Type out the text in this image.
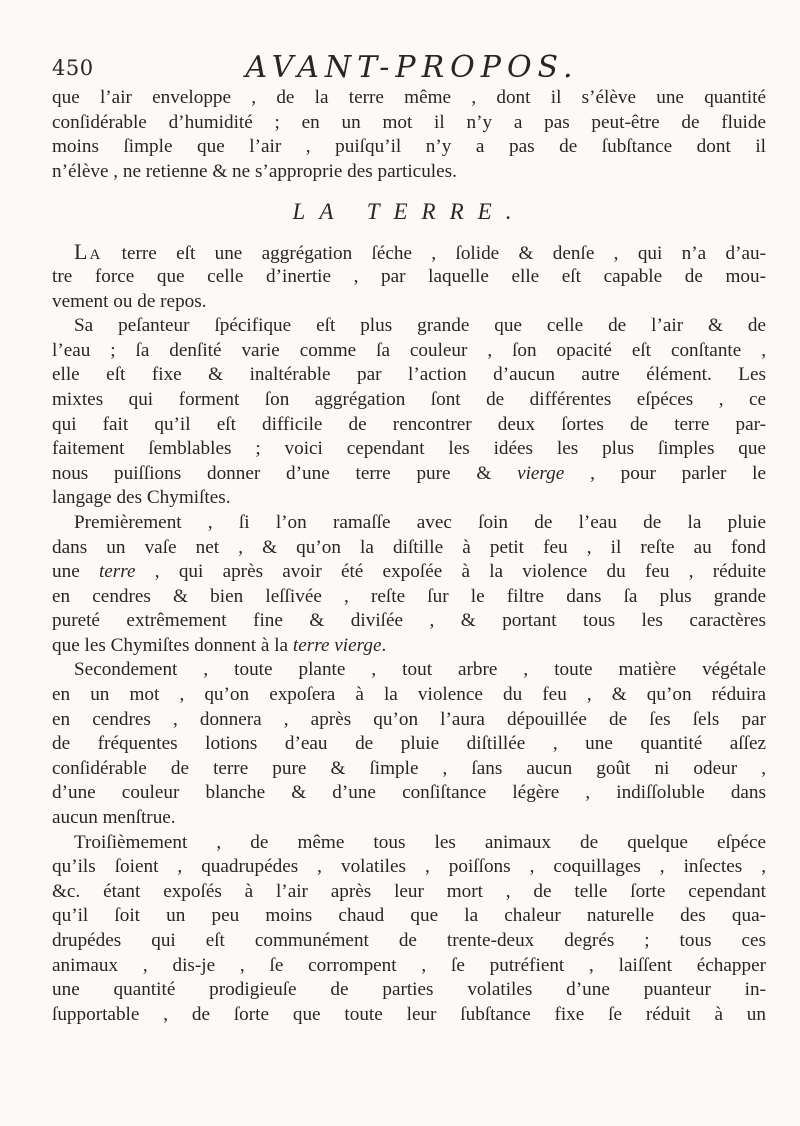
450	AVANT-PROPOS.
que l’air enveloppe , de la terre même , dont il s’élève une quantité
conſidérable d’humidité ; en un mot il n’y a pas peut-être de fluide
moins ſimple que l’air , puiſqu’il n’y a pas de ſubſtance dont il
n’élève , ne retienne & ne s’approprie des particules.
LA TERRE.
La terre eſt une aggrégation ſéche , ſolide & denſe , qui n’a d’au-
tre force que celle d’inertie , par laquelle elle eſt capable de mou-
vement ou de repos.
Sa peſanteur ſpécifique eſt plus grande que celle de l’air & de
l’eau ; ſa denſité varie comme ſa couleur , ſon opacité eſt conſtante ,
elle eſt fixe & inaltérable par l’action d’aucun autre élément. Les
mixtes qui forment ſon aggrégation ſont de différentes eſpéces , ce
qui fait qu’il eſt difficile de rencontrer deux ſortes de terre par-
faitement ſemblables ; voici cependant les idées les plus ſimples que
nous puiſſions donner d’une terre pure & vierge , pour parler le
langage des Chymiſtes.
Premièrement , ſi l’on ramaſſe avec ſoin de l’eau de la pluie
dans un vaſe net , & qu’on la diſtille à petit feu , il reſte au fond
une terre , qui après avoir été expoſée à la violence du feu , réduite
en cendres & bien leſſivée , reſte ſur le filtre dans ſa plus grande
pureté extrêmement fine & diviſée , & portant tous les caractères
que les Chymiſtes donnent à la terre vierge.
Secondement , toute plante , tout arbre , toute matière végétale
en un mot , qu’on expoſera à la violence du feu , & qu’on réduira
en cendres , donnera , après qu’on l’aura dépouillée de ſes ſels par
de fréquentes lotions d’eau de pluie diſtillée , une quantité aſſez
conſidérable de terre pure & ſimple , ſans aucun goût ni odeur ,
d’une couleur blanche & d’une conſiſtance légère , indiſſoluble dans
aucun menſtrue.
Troiſièmement , de même tous les animaux de quelque eſpéce
qu’ils ſoient , quadrupédes , volatiles , poiſſons , coquillages , inſectes ,
&c. étant expoſés à l’air après leur mort , de telle ſorte cependant
qu’il ſoit un peu moins chaud que la chaleur naturelle des qua-
drupédes qui eſt communément de trente-deux degrés ; tous ces
animaux , dis-je , ſe corrompent , ſe putréfient , laiſſent échapper
une quantité prodigieuſe de parties volatiles d’une puanteur in-
ſupportable , de ſorte que toute leur ſubſtance fixe ſe réduit à un
